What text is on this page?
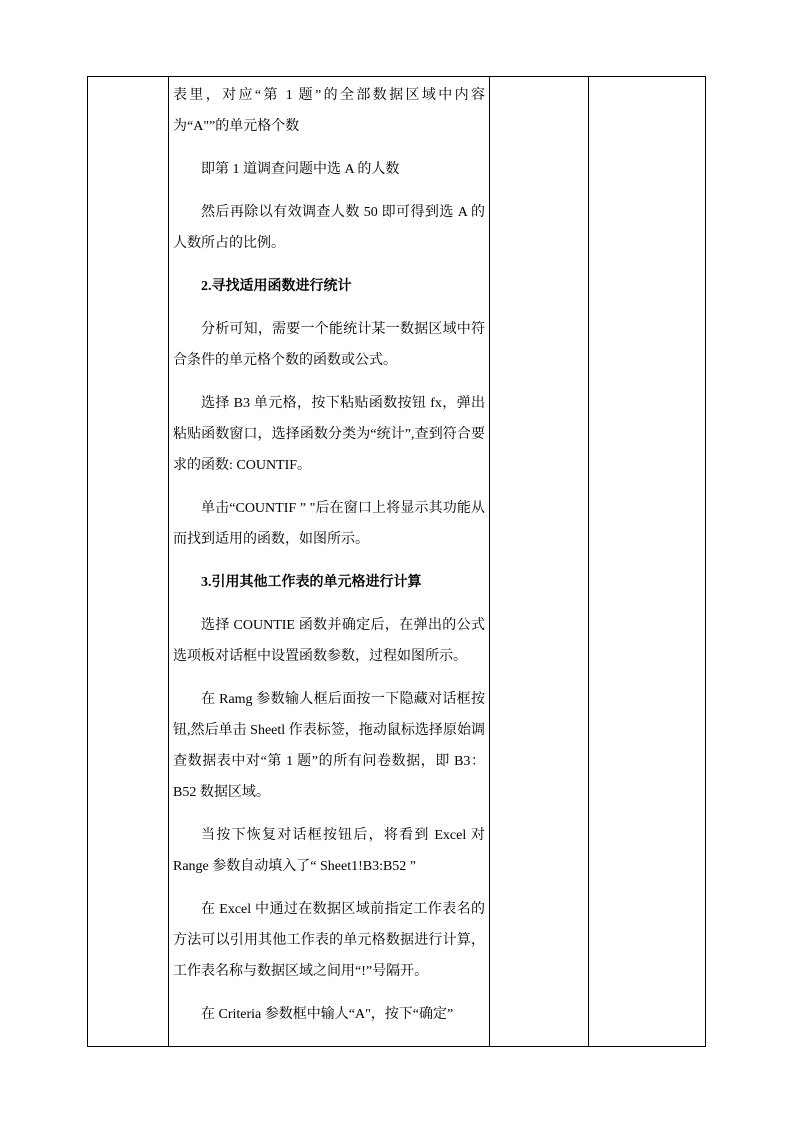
表里，对应“第 1 题”的全部数据区域中内容为“A"”的单元格个数

即第 1 道调查问题中选 A 的人数

然后再除以有效调查人数 50 即可得到选 A 的人数所占的比例。

2.寻找适用函数进行统计

分析可知，需要一个能统计某一数据区域中符合条件的单元格个数的函数或公式。

选择 B3 单元格，按下粘贴函数按钮 fx，弹出粘贴函数窗口，选择函数分类为“统计”,查到符合要求的函数: COUNTIF。

单击“COUNTIF ” "后在窗口上将显示其功能从而找到适用的函数，如图所示。

3.引用其他工作表的单元格进行计算

选择 COUNTIE 函数并确定后，在弹出的公式选项板对话框中设置函数参数，过程如图所示。

在 Ramg 参数输人框后面按一下隐藏对话框按钮,然后单击 Sheetl 作表标签，拖动鼠标选择原始调查数据表中对“第 1 题”的所有问卷数据，即 B3：B52 数据区域。

当按下恢复对话框按钮后，将看到 Excel 对 Range 参数自动填入了“ Sheet1!B3:B52 ”

在 Excel 中通过在数据区域前指定工作表名的方法可以引用其他工作表的单元格数据进行计算，工作表名称与数据区域之间用“!”号隔开。

在 Criteria 参数框中输人“A"，按下“确定”
